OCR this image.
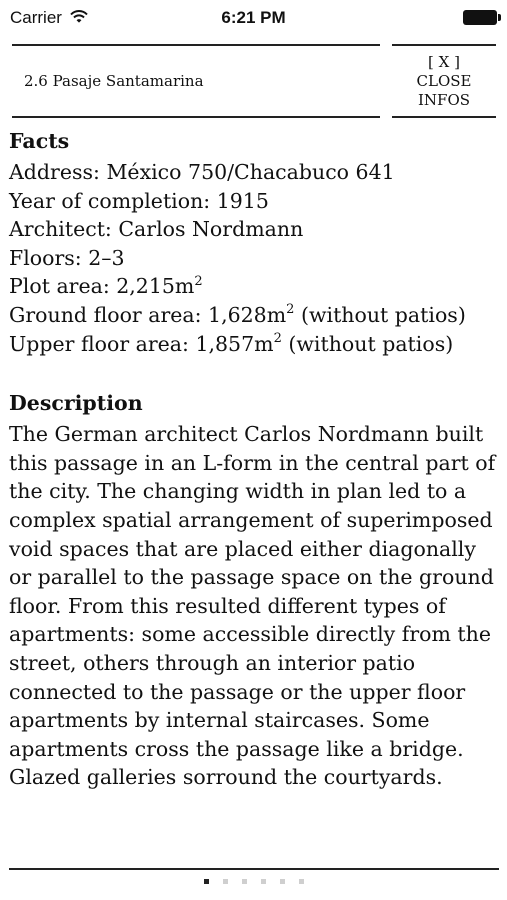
Carrier	6:21 PM
2.6 Pasaje Santamarina
[ X ]
CLOSE
INFOS
Facts
Address: México 750/Chacabuco 641
Year of completion: 1915
Architect: Carlos Nordmann
Floors: 2–3
Plot area: $2,215m^2$
Ground floor area: $1,628m^2$ (without patios)
Upper floor area: $1,857m^2$ (without patios)
Description

The German architect Carlos Nordmann built this passage in an L-form in the central part of the city. The changing width in plan led to a complex spatial arrangement of superimposed void spaces that are placed either diagonally or parallel to the passage space on the ground floor. From this resulted different types of apartments: some accessible directly from the street, others through an interior patio connected to the passage or the upper floor apartments by internal staircases. Some apartments cross the passage like a bridge. Glazed galleries sorround the courtyards.
